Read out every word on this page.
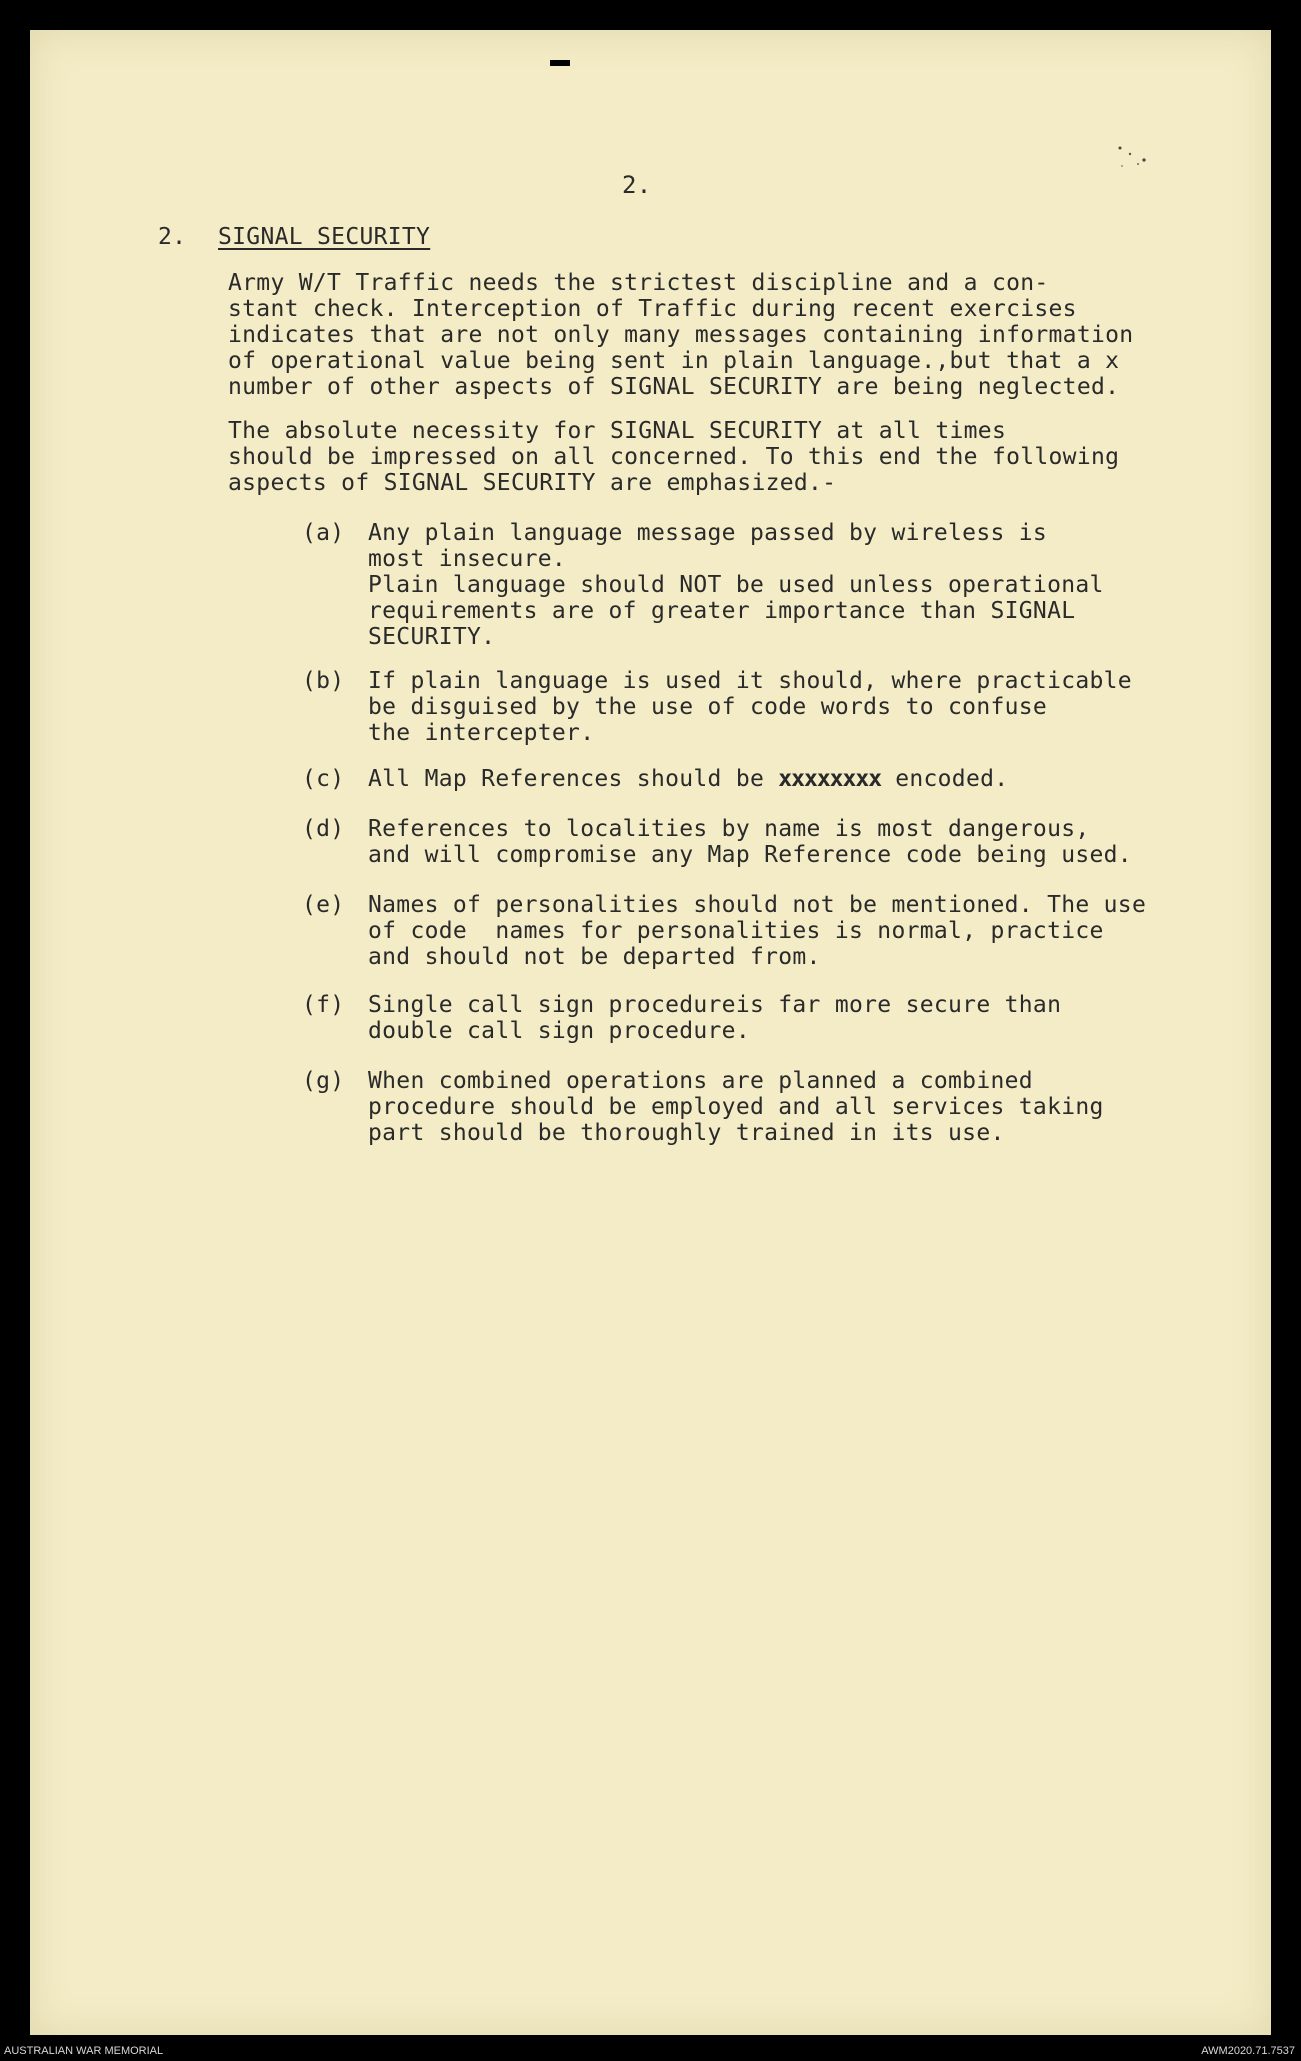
2.
2. SIGNAL SECURITY
Army W/T Traffic needs the strictest discipline and a con-
stant check. Interception of Traffic during recent exercises
indicates that are not only many messages containing information
of operational value being sent in plain language.,but that a x
number of other aspects of SIGNAL SECURITY are being neglected.
The absolute necessity for SIGNAL SECURITY at all times
should be impressed on all concerned. To this end the following
aspects of SIGNAL SECURITY are emphasized.-

(a)

Any plain language message passed by wireless is
most insecure.
Plain language should NOT be used unless operational
requirements are of greater importance than SIGNAL
SECURITY.

(b)

If plain language is used it should, where practicable
be disguised by the use of code words to confuse
the intercepter.

(c)

All Map References should be xxxxxxxx encoded.

(d)

References to localities by name is most dangerous,
and will compromise any Map Reference code being used.

(e)

Names of personalities should not be mentioned. The use
of code  names for personalities is normal, practice
and should not be departed from.

(f)

Single call sign procedureis far more secure than
double call sign procedure.

(g)

When combined operations are planned a combined
procedure should be employed and all services taking
part should be thoroughly trained in its use.

AUSTRALIAN WAR MEMORIAL	AWM2020.71.7537
